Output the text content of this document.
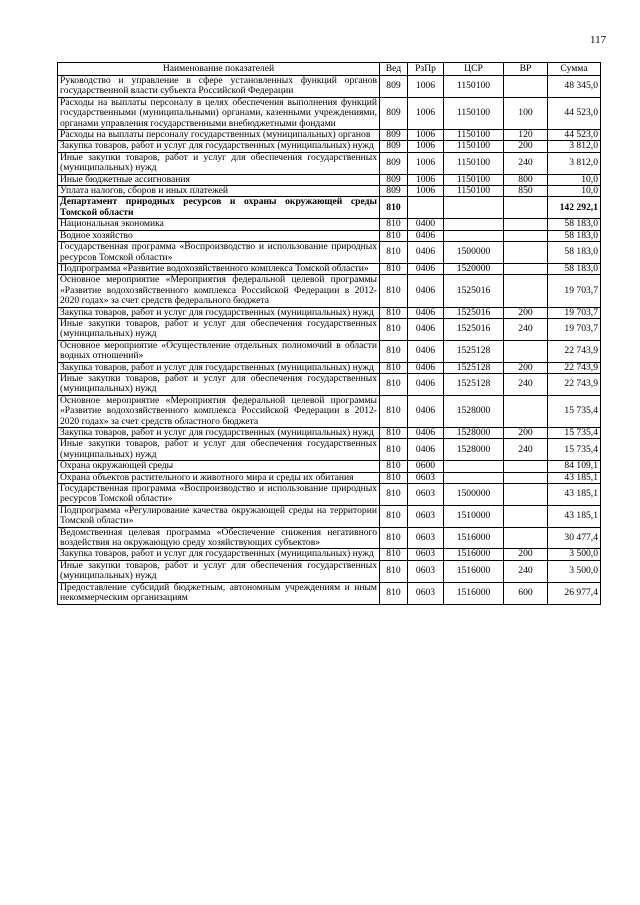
117
Наименование показателей	Вед	РзПр	ЦСР	ВР	Сумма
Руководство и управление в сфере установленных функций органов государственной власти субъекта Российской Федерации	809	1006	1150100		48 345,0
Расходы на выплаты персоналу в целях обеспечения выполнения функций государственными (муниципальными) органами, казенными учреждениями, органами управления государственными внебюджетными фондами	809	1006	1150100	100	44 523,0
Расходы на выплаты персоналу государственных (муниципальных) органов	809	1006	1150100	120	44 523,0
Закупка товаров, работ и услуг для государственных (муниципальных) нужд	809	1006	1150100	200	3 812,0
Иные закупки товаров, работ и услуг для обеспечения государственных (муниципальных) нужд	809	1006	1150100	240	3 812,0
Иные бюджетные ассигнования	809	1006	1150100	800	10,0
Уплата налогов, сборов и иных платежей	809	1006	1150100	850	10,0
Департамент природных ресурсов и охраны окружающей среды Томской области	810				142 292,1
Национальная экономика	810	0400			58 183,0
Водное хозяйство	810	0406			58 183,0
Государственная программа «Воспроизводство и использование природных ресурсов Томской области»	810	0406	1500000		58 183,0
Подпрограмма «Развитие водохозяйственного комплекса Томской области»	810	0406	1520000		58 183,0
Основное мероприятие «Мероприятия федеральной целевой программы «Развитие водохозяйственного комплекса Российской Федерации в 2012-2020 годах» за счет средств федерального бюджета	810	0406	1525016		19 703,7
Закупка товаров, работ и услуг для государственных (муниципальных) нужд	810	0406	1525016	200	19 703,7
Иные закупки товаров, работ и услуг для обеспечения государственных (муниципальных) нужд	810	0406	1525016	240	19 703,7
Основное мероприятие «Осуществление отдельных полномочий в области водных отношений»	810	0406	1525128		22 743,9
Закупка товаров, работ и услуг для государственных (муниципальных) нужд	810	0406	1525128	200	22 743,9
Иные закупки товаров, работ и услуг для обеспечения государственных (муниципальных) нужд	810	0406	1525128	240	22 743,9
Основное мероприятие «Мероприятия федеральной целевой программы «Развитие водохозяйственного комплекса Российской Федерации в 2012-2020 годах» за счет средств областного бюджета	810	0406	1528000		15 735,4
Закупка товаров, работ и услуг для государственных (муниципальных) нужд	810	0406	1528000	200	15 735,4
Иные закупки товаров, работ и услуг для обеспечения государственных (муниципальных) нужд	810	0406	1528000	240	15 735,4
Охрана окружающей среды	810	0600			84 109,1
Охрана объектов растительного и животного мира и среды их обитания	810	0603			43 185,1
Государственная программа «Воспроизводство и использование природных ресурсов Томской области»	810	0603	1500000		43 185,1
Подпрограмма «Регулирование качества окружающей среды на территории Томской области»	810	0603	1510000		43 185,1
Ведомственная целевая программа «Обеспечение снижения негативного воздействия на окружающую среду хозяйствующих субъектов»	810	0603	1516000		30 477,4
Закупка товаров, работ и услуг для государственных (муниципальных) нужд	810	0603	1516000	200	3 500,0
Иные закупки товаров, работ и услуг для обеспечения государственных (муниципальных) нужд	810	0603	1516000	240	3 500,0
Предоставление субсидий бюджетным, автономным учреждениям и иным некоммерческим организациям	810	0603	1516000	600	26 977,4
